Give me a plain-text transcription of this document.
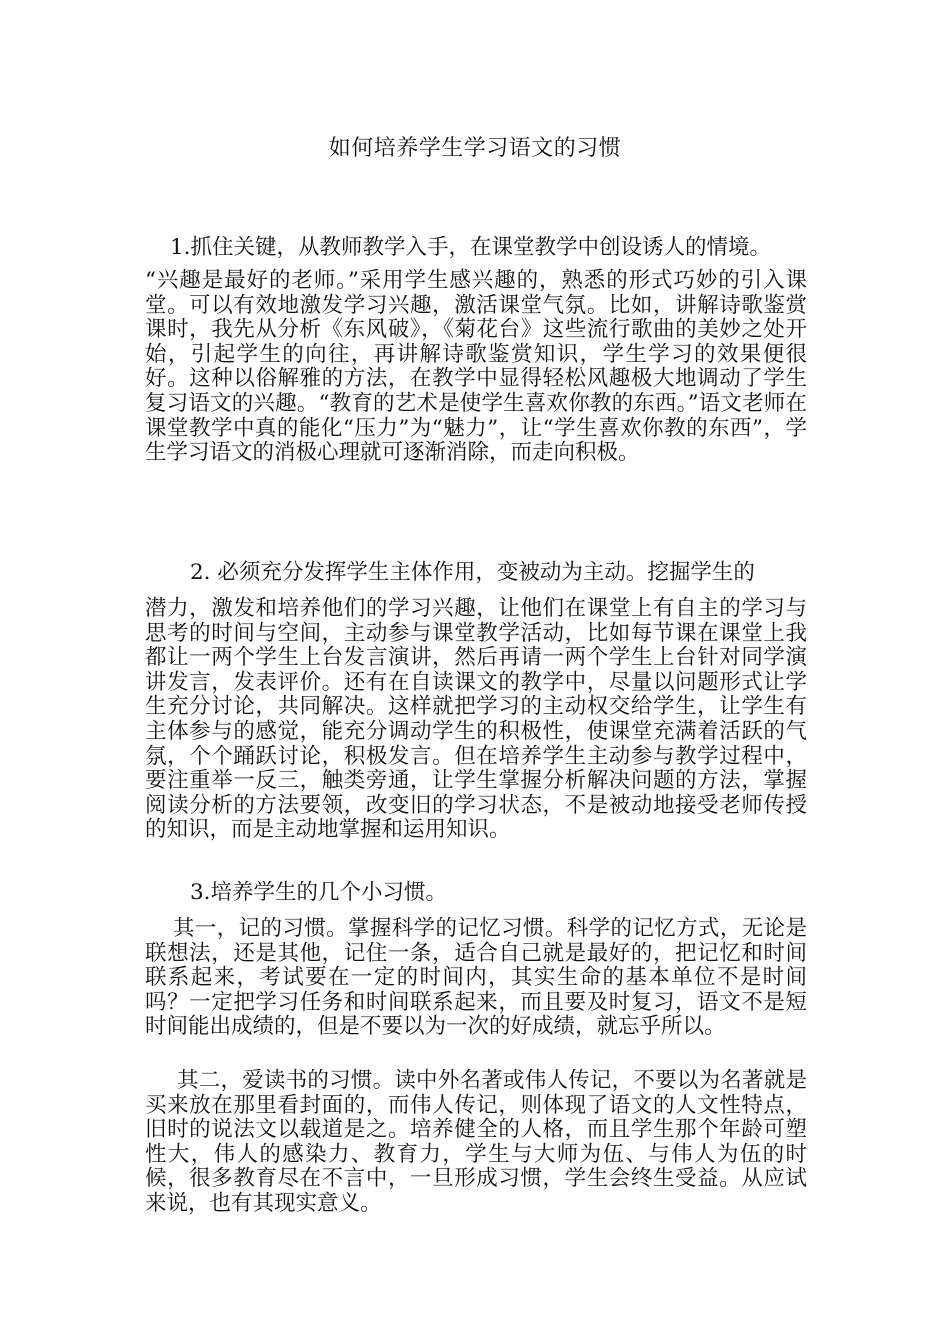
如何培养学生学习语文的习惯
1.抓住关键，从教师教学入手，在课堂教学中创设诱人的情境。
“兴趣是最好的老师。”采用学生感兴趣的，熟悉的形式巧妙的引入课堂。可以有效地激发学习兴趣，激活课堂气氛。比如，讲解诗歌鉴赏课时，我先从分析《东风破》，《菊花台》这些流行歌曲的美妙之处开始，引起学生的向往，再讲解诗歌鉴赏知识，学生学习的效果便很好。这种以俗解雅的方法，在教学中显得轻松风趣极大地调动了学生复习语文的兴趣。“教育的艺术是使学生喜欢你教的东西。”语文老师在课堂教学中真的能化“压力”为“魅力”，让“学生喜欢你教的东西”，学生学习语文的消极心理就可逐渐消除，而走向积极。
2. 必须充分发挥学生主体作用，变被动为主动。挖掘学生的
潜力，激发和培养他们的学习兴趣，让他们在课堂上有自主的学习与思考的时间与空间，主动参与课堂教学活动，比如每节课在课堂上我都让一两个学生上台发言演讲，然后再请一两个学生上台针对同学演讲发言，发表评价。还有在自读课文的教学中，尽量以问题形式让学生充分讨论，共同解决。这样就把学习的主动权交给学生，让学生有主体参与的感觉，能充分调动学生的积极性，使课堂充满着活跃的气氛，个个踊跃讨论，积极发言。但在培养学生主动参与教学过程中，要注重举一反三，触类旁通，让学生掌握分析解决问题的方法，掌握阅读分析的方法要领，改变旧的学习状态，不是被动地接受老师传授的知识，而是主动地掌握和运用知识。
3.培养学生的几个小习惯。
其一，记的习惯。掌握科学的记忆习惯。科学的记忆方式，无论是联想法，还是其他，记住一条，适合自己就是最好的，把记忆和时间联系起来，考试要在一定的时间内，其实生命的基本单位不是时间吗？一定把学习任务和时间联系起来，而且要及时复习，语文不是短时间能出成绩的，但是不要以为一次的好成绩，就忘乎所以。
其二，爱读书的习惯。读中外名著或伟人传记，不要以为名著就是买来放在那里看封面的，而伟人传记，则体现了语文的人文性特点，旧时的说法文以载道是之。培养健全的人格，而且学生那个年龄可塑性大，伟人的感染力、教育力，学生与大师为伍、与伟人为伍的时候，很多教育尽在不言中，一旦形成习惯，学生会终生受益。从应试来说，也有其现实意义。
